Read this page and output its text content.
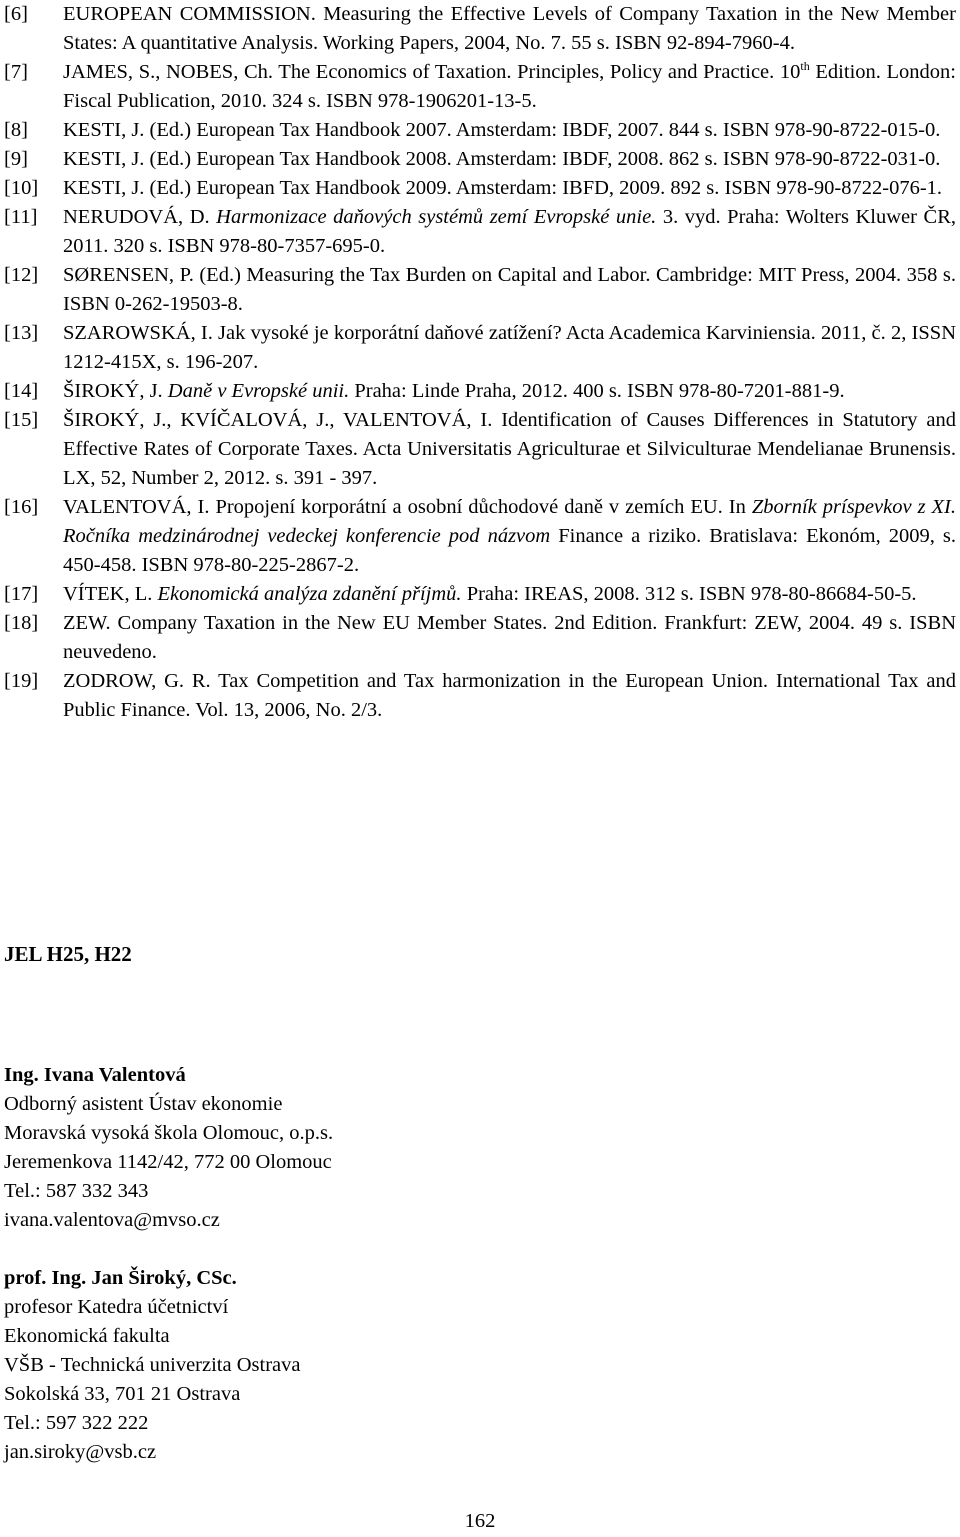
[6]	EUROPEAN COMMISSION. Measuring the Effective Levels of Company Taxation in the New Member States: A quantitative Analysis. Working Papers, 2004, No. 7. 55 s. ISBN 92-894-7960-4.
[7]	JAMES, S., NOBES, Ch. The Economics of Taxation. Principles, Policy and Practice. 10th Edition. London: Fiscal Publication, 2010. 324 s. ISBN 978-1906201-13-5.
[8]	KESTI, J. (Ed.) European Tax Handbook 2007. Amsterdam: IBDF, 2007. 844 s. ISBN 978-90-8722-015-0.
[9]	KESTI, J. (Ed.) European Tax Handbook 2008. Amsterdam: IBDF, 2008. 862 s. ISBN 978-90-8722-031-0.
[10]	KESTI, J. (Ed.) European Tax Handbook 2009. Amsterdam: IBFD, 2009. 892 s. ISBN 978-90-8722-076-1.
[11]	NERUDOVÁ, D. Harmonizace daňových systémů zemí Evropské unie. 3. vyd. Praha: Wolters Kluwer ČR, 2011. 320 s. ISBN 978-80-7357-695-0.
[12]	SØRENSEN, P. (Ed.) Measuring the Tax Burden on Capital and Labor. Cambridge: MIT Press, 2004. 358 s. ISBN 0-262-19503-8.
[13]	SZAROWSKÁ, I. Jak vysoké je korporátní daňové zatížení? Acta Academica Karviniensia. 2011, č. 2, ISSN 1212-415X, s. 196-207.
[14]	ŠIROKÝ, J. Daně v Evropské unii. Praha: Linde Praha, 2012. 400 s. ISBN 978-80-7201-881-9.
[15]	ŠIROKÝ, J., KVÍČALOVÁ, J., VALENTOVÁ, I. Identification of Causes Differences in Statutory and Effective Rates of Corporate Taxes. Acta Universitatis Agriculturae et Silviculturae Mendelianae Brunensis. LX, 52, Number 2, 2012. s. 391 - 397.
[16]	VALENTOVÁ, I. Propojení korporátní a osobní důchodové daně v zemích EU. In Zborník príspevkov z XI. Ročníka medzinárodnej vedeckej konferencie pod názvom Finance a riziko. Bratislava: Ekonóm, 2009, s. 450-458. ISBN 978-80-225-2867-2.
[17]	VÍTEK, L. Ekonomická analýza zdanění příjmů. Praha: IREAS, 2008. 312 s. ISBN 978-80-86684-50-5.
[18]	ZEW. Company Taxation in the New EU Member States. 2nd Edition. Frankfurt: ZEW, 2004. 49 s. ISBN neuvedeno.
[19]	ZODROW, G. R. Tax Competition and Tax harmonization in the European Union. International Tax and Public Finance. Vol. 13, 2006, No. 2/3.
JEL H25, H22
Ing. Ivana Valentová
Odborný asistent Ústav ekonomie
Moravská vysoká škola Olomouc, o.p.s.
Jeremenkova 1142/42, 772 00 Olomouc
Tel.: 587 332 343
ivana.valentova@mvso.cz
prof. Ing. Jan Široký, CSc.
profesor Katedra účetnictví
Ekonomická fakulta
VŠB - Technická univerzita Ostrava
Sokolská 33, 701 21 Ostrava
Tel.: 597 322 222
jan.siroky@vsb.cz
162
